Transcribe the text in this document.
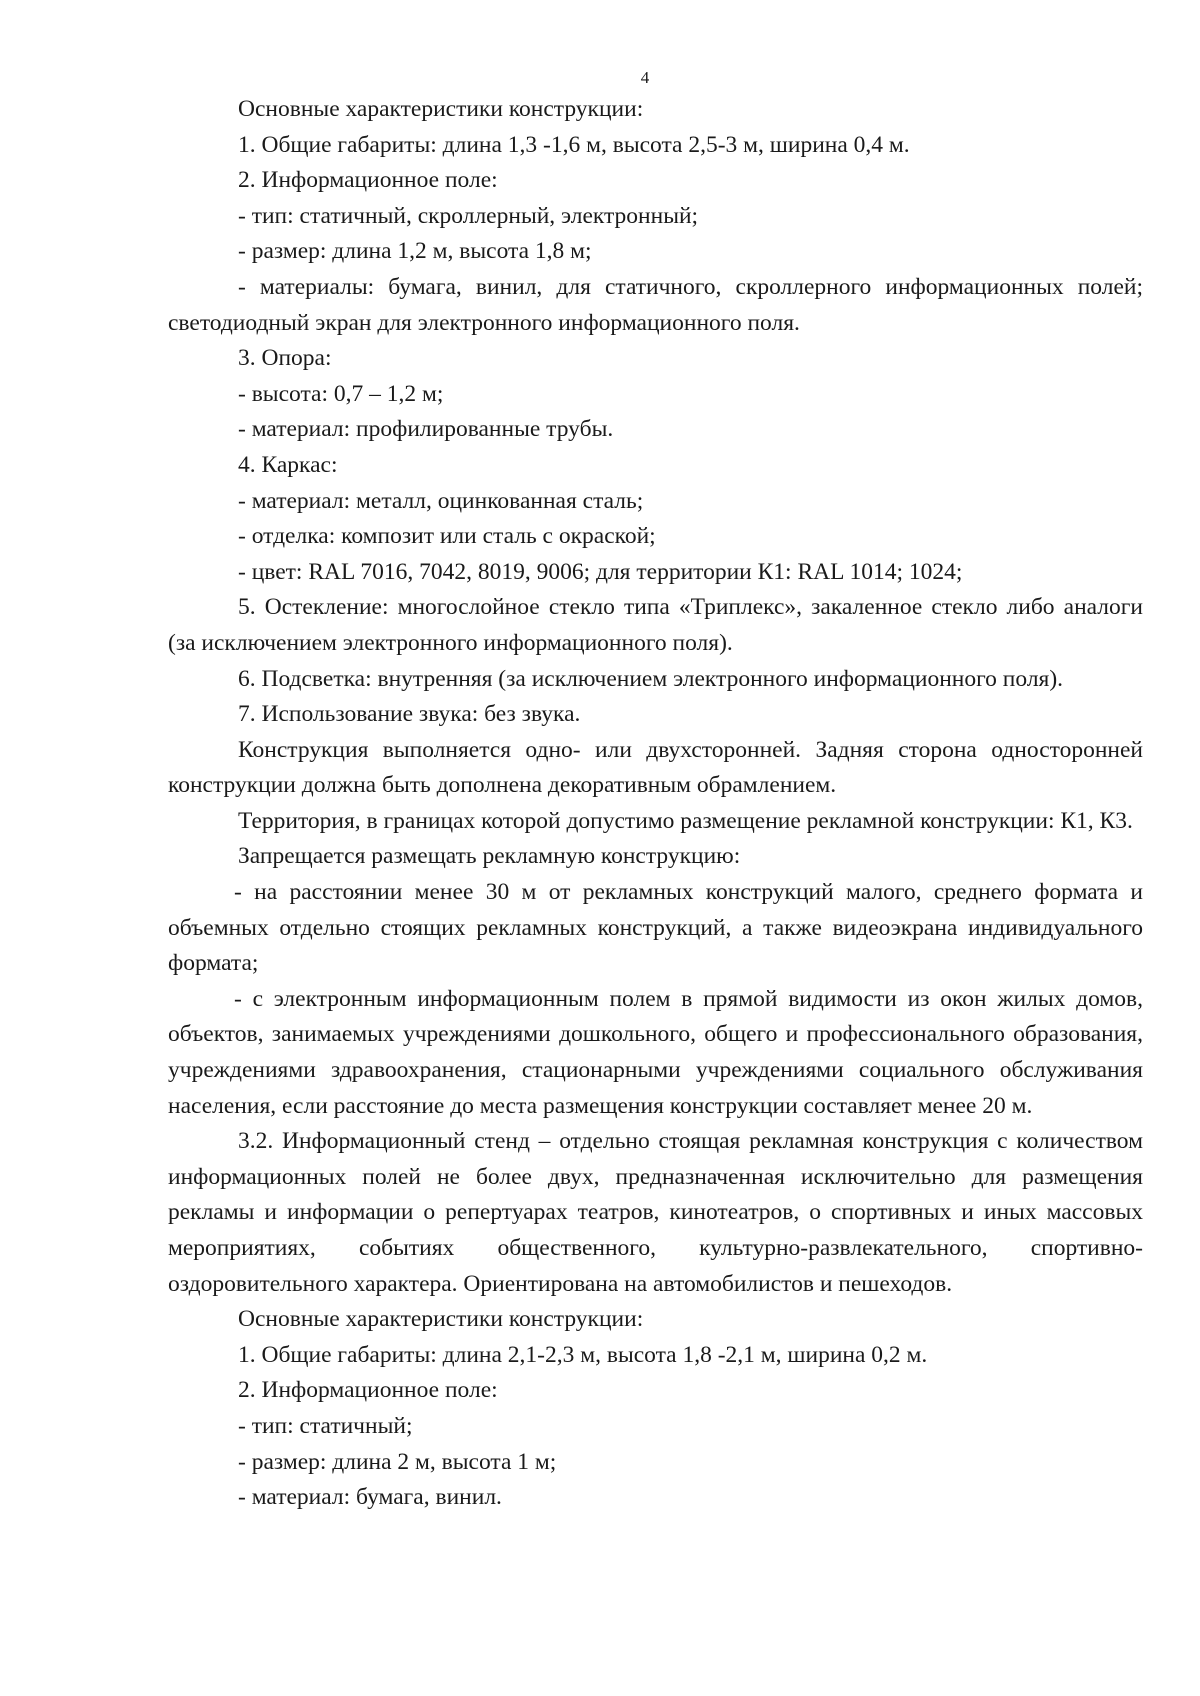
4

Основные характеристики конструкции:

1. Общие габариты: длина 1,3 -1,6 м, высота 2,5-3 м, ширина 0,4 м.

2. Информационное поле:

- тип: статичный, скроллерный, электронный;

- размер: длина 1,2 м, высота 1,8 м;

- материалы: бумага, винил, для статичного, скроллерного информационных полей; светодиодный экран для электронного информационного поля.

3. Опора:

- высота: 0,7 – 1,2 м;

- материал: профилированные трубы.

4. Каркас:

- материал: металл, оцинкованная сталь;

- отделка: композит или сталь с окраской;

- цвет: RAL 7016, 7042, 8019, 9006; для территории К1: RAL 1014; 1024;

5. Остекление: многослойное стекло типа «Триплекс», закаленное стекло либо аналоги (за исключением электронного информационного поля).

6. Подсветка: внутренняя (за исключением электронного информационного поля).

7. Использование звука: без звука.

Конструкция выполняется одно- или двухсторонней. Задняя сторона односторонней конструкции должна быть дополнена декоративным обрамлением.

Территория, в границах которой допустимо размещение рекламной конструкции: К1, К3.

Запрещается размещать рекламную конструкцию:

- на расстоянии менее 30 м от рекламных конструкций малого, среднего формата и объемных отдельно стоящих рекламных конструкций, а также видеоэкрана индивидуального формата;

- с электронным информационным полем в прямой видимости из окон жилых домов, объектов, занимаемых учреждениями дошкольного, общего и профессионального образования, учреждениями здравоохранения, стационарными учреждениями социального обслуживания населения, если расстояние до места размещения конструкции составляет менее 20 м.

3.2. Информационный стенд – отдельно стоящая рекламная конструкция с количеством информационных полей не более двух, предназначенная исключительно для размещения рекламы и информации о репертуарах театров, кинотеатров, о спортивных и иных массовых мероприятиях, событиях общественного, культурно-развлекательного, спортивно-оздоровительного характера. Ориентирована на автомобилистов и пешеходов.

Основные характеристики конструкции:

1. Общие габариты: длина 2,1-2,3 м, высота 1,8 -2,1 м, ширина 0,2 м.

2. Информационное поле:

- тип: статичный;

- размер: длина 2 м, высота 1 м;

- материал: бумага, винил.
